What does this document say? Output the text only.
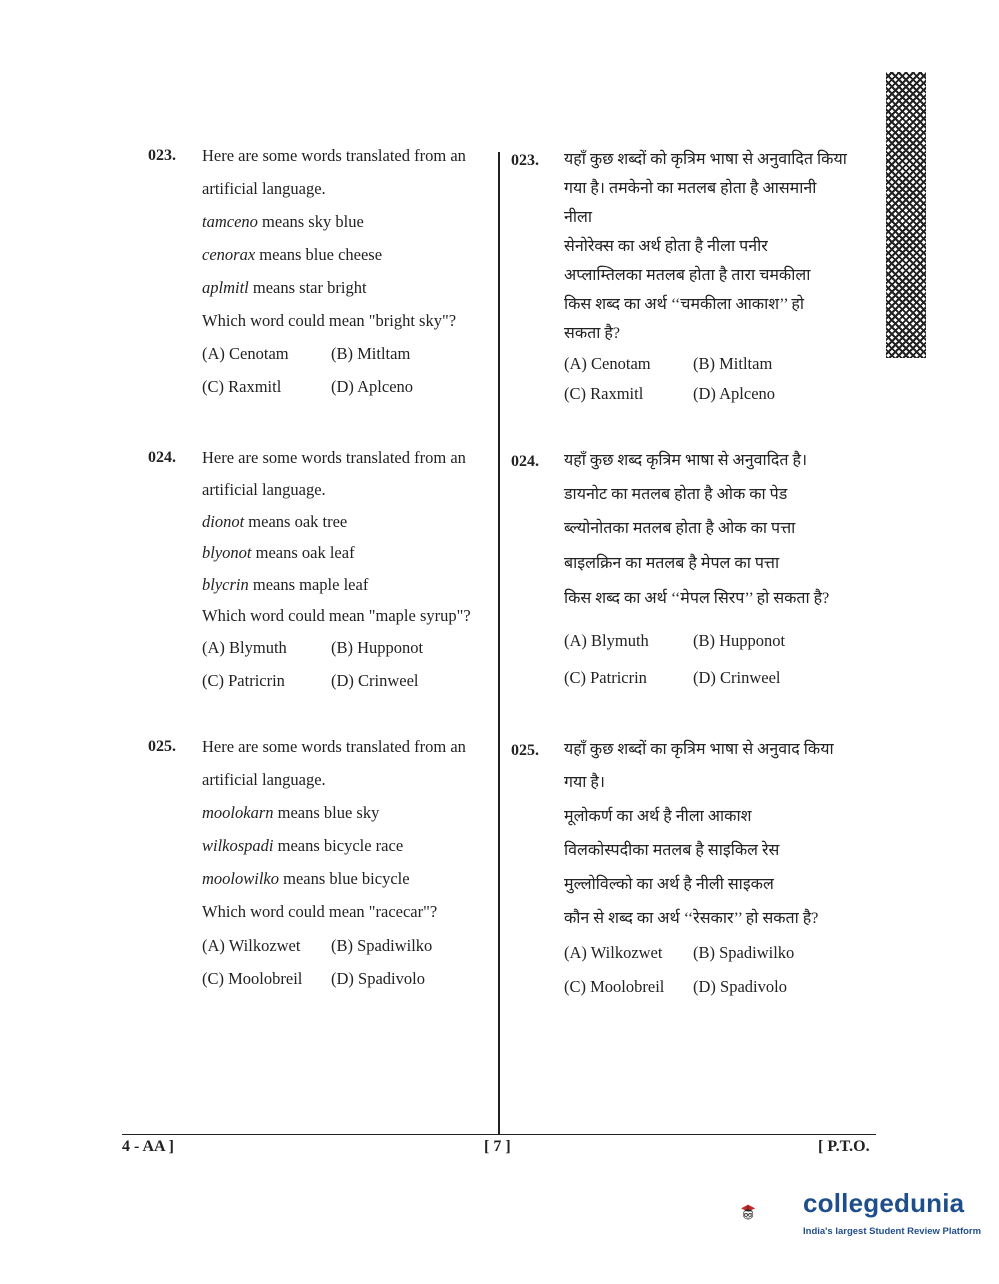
023. Here are some words translated from an
artificial language.
tamceno means sky blue
cenorax means blue cheese
aplmitl means star bright
Which word could mean "bright sky"?
(A) Cenotam	(B) Mitltam
(C) Raxmitl	(D) Aplceno
024. Here are some words translated from an
artificial language.
dionot means oak tree
blyonot means oak leaf
blycrin means maple leaf
Which word could mean "maple syrup"?
(A) Blymuth	(B) Hupponot
(C) Patricrin	(D) Crinweel
025. Here are some words translated from an
artificial language.
moolokarn means blue sky
wilkospadi means bicycle race
moolowilko means blue bicycle
Which word could mean "racecar"?
(A) Wilkozwet (B) Spadiwilko
(C) Moolobreil (D) Spadivolo
023. यहाँ कुछ शब्दों को कृत्रिम भाषा से अनुवादित किया
गया है। तमकेनो का मतलब होता है आसमानी
नीला
सेनोरेक्स का अर्थ होता है नीला पनीर
अप्लाम्तिलका मतलब होता है तारा चमकीला
किस शब्द का अर्थ ‘‘चमकीला आकाश’’ हो
सकता है?
(A) Cenotam	(B) Mitltam
(C) Raxmitl	(D) Aplceno
024. यहाँ कुछ शब्द कृत्रिम भाषा से अनुवादित है।
डायनोट का मतलब होता है ओक का पेड
ब्ल्योनोतका मतलब होता है ओक का पत्ता
बाइलक्रिन का मतलब है मेपल का पत्ता
किस शब्द का अर्थ ‘‘मेपल सिरप’’ हो सकता है?
(A) Blymuth	(B) Hupponot
(C) Patricrin	(D) Crinweel
025. यहाँ कुछ शब्दों का कृत्रिम भाषा से अनुवाद किया
गया है।
मूलोकर्ण का अर्थ है नीला आकाश
विलकोस्पदीका मतलब है साइकिल रेस
मुल्लोविल्को का अर्थ है नीली साइकल
कौन से शब्द का अर्थ ‘‘रेसकार’’ हो सकता है?
(A) Wilkozwet (B) Spadiwilko
(C) Moolobreil (D) Spadivolo
4 - AA ]	[ 7 ]	[ P.T.O.
collegedunia
India's largest Student Review Platform
